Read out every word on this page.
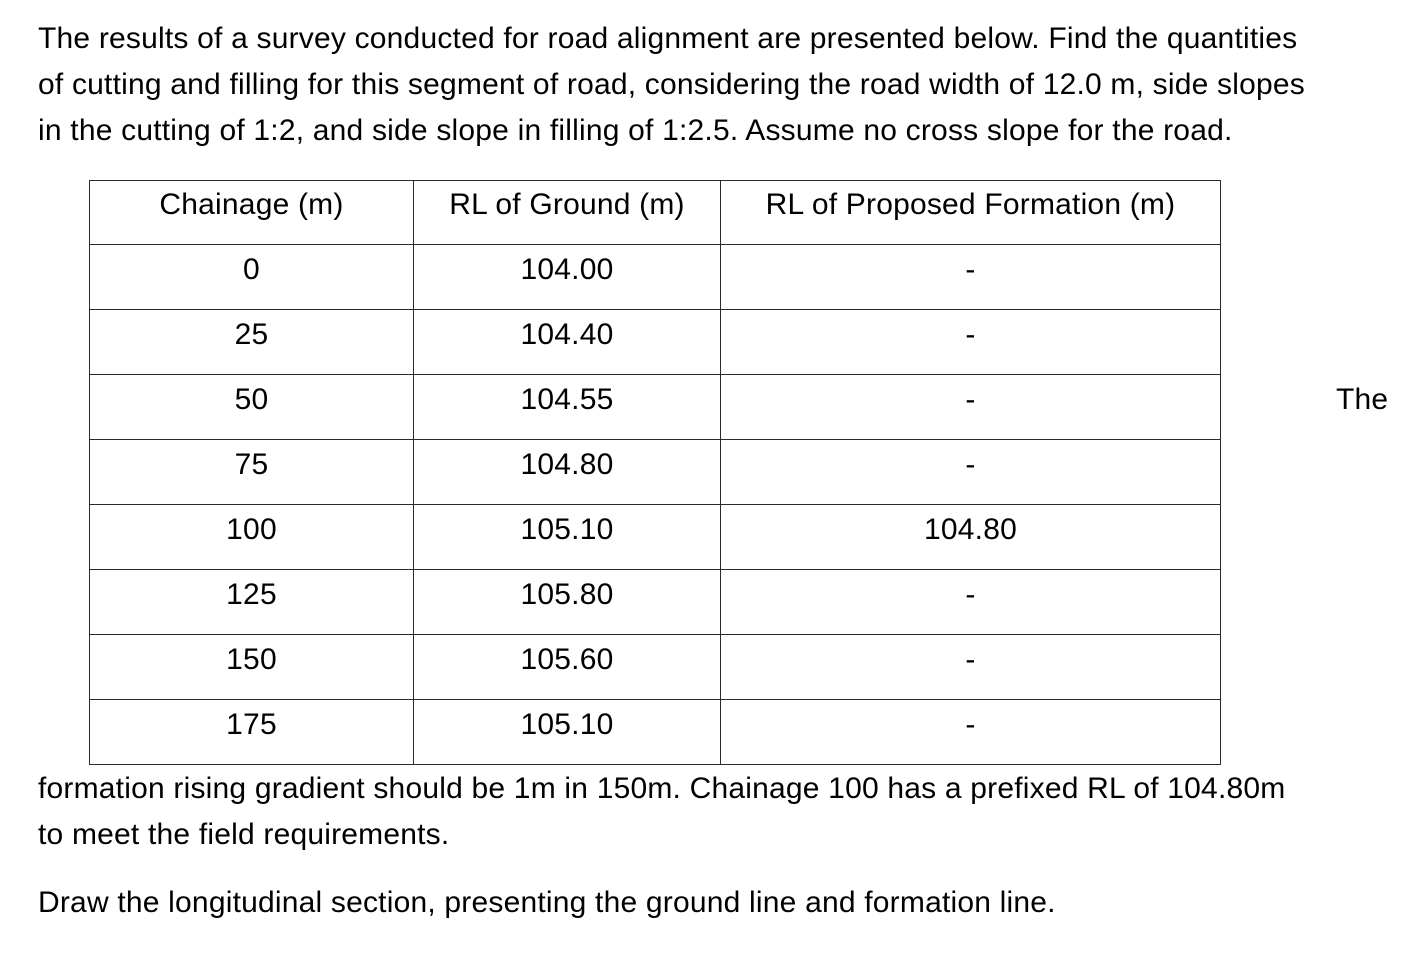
The results of a survey conducted for road alignment are presented below. Find the quantities
of cutting and filling for this segment of road, considering the road width of 12.0 m, side slopes
in the cutting of 1:2, and side slope in filling of 1:2.5. Assume no cross slope for the road.
Chainage (m)	RL of Ground (m)	RL of Proposed Formation (m)
0	104.00	-
25	104.40	-
50	104.55	-
75	104.80	-
100	105.10	104.80
125	105.80	-
150	105.60	-
175	105.10	-
The
formation rising gradient should be 1m in 150m. Chainage 100 has a prefixed RL of 104.80m
to meet the field requirements.
Draw the longitudinal section, presenting the ground line and formation line.
